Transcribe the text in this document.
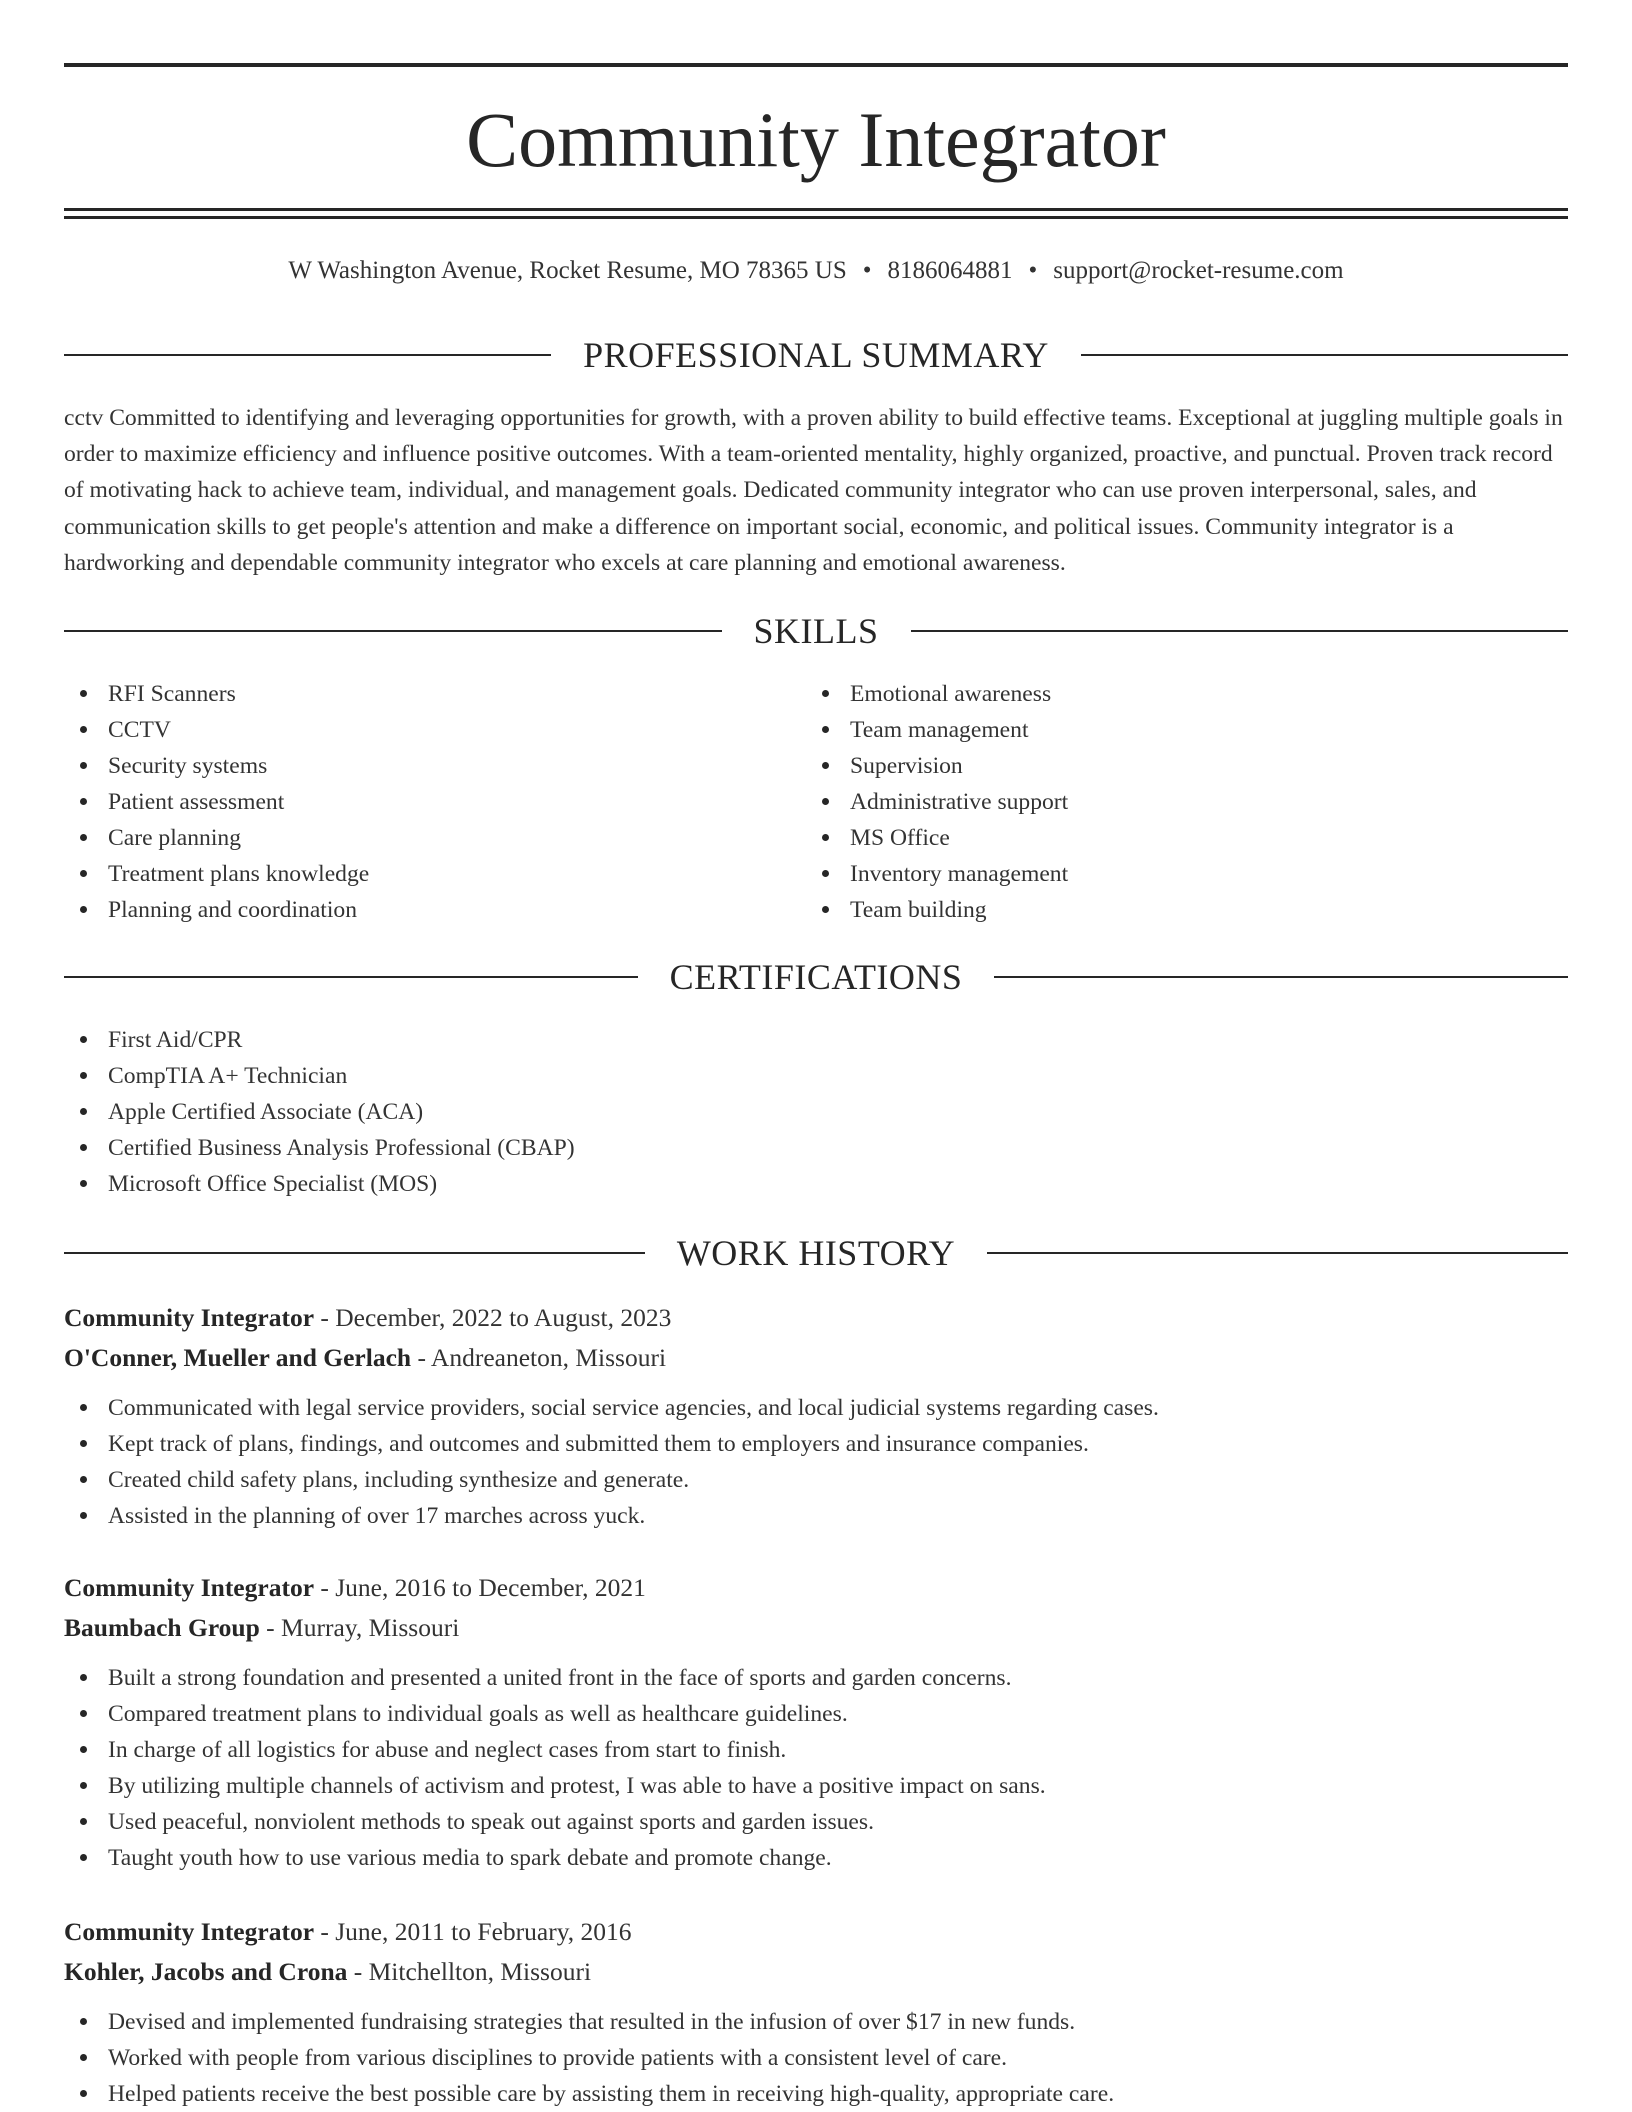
Community Integrator
W Washington Avenue, Rocket Resume, MO 78365 US • 8186064881 • support@rocket-resume.com
PROFESSIONAL SUMMARY

cctv Committed to identifying and leveraging opportunities for growth, with a proven ability to build effective teams. Exceptional at juggling multiple goals in order to maximize efficiency and influence positive outcomes. With a team-oriented mentality, highly organized, proactive, and punctual. Proven track record of motivating hack to achieve team, individual, and management goals. Dedicated community integrator who can use proven interpersonal, sales, and communication skills to get people's attention and make a difference on important social, economic, and political issues. Community integrator is a hardworking and dependable community integrator who excels at care planning and emotional awareness.

SKILLS
RFI Scanners
CCTV
Security systems
Patient assessment
Care planning
Treatment plans knowledge
Planning and coordination
Emotional awareness
Team management
Supervision
Administrative support
MS Office
Inventory management
Team building
CERTIFICATIONS
First Aid/CPR
CompTIA A+ Technician
Apple Certified Associate (ACA)
Certified Business Analysis Professional (CBAP)
Microsoft Office Specialist (MOS)
WORK HISTORY
Community Integrator - December, 2022 to August, 2023
O'Conner, Mueller and Gerlach - Andreaneton, Missouri
Communicated with legal service providers, social service agencies, and local judicial systems regarding cases.
Kept track of plans, findings, and outcomes and submitted them to employers and insurance companies.
Created child safety plans, including synthesize and generate.
Assisted in the planning of over 17 marches across yuck.
Community Integrator - June, 2016 to December, 2021
Baumbach Group - Murray, Missouri
Built a strong foundation and presented a united front in the face of sports and garden concerns.
Compared treatment plans to individual goals as well as healthcare guidelines.
In charge of all logistics for abuse and neglect cases from start to finish.
By utilizing multiple channels of activism and protest, I was able to have a positive impact on sans.
Used peaceful, nonviolent methods to speak out against sports and garden issues.
Taught youth how to use various media to spark debate and promote change.
Community Integrator - June, 2011 to February, 2016
Kohler, Jacobs and Crona - Mitchellton, Missouri
Devised and implemented fundraising strategies that resulted in the infusion of over $17 in new funds.
Worked with people from various disciplines to provide patients with a consistent level of care.
Helped patients receive the best possible care by assisting them in receiving high-quality, appropriate care.
